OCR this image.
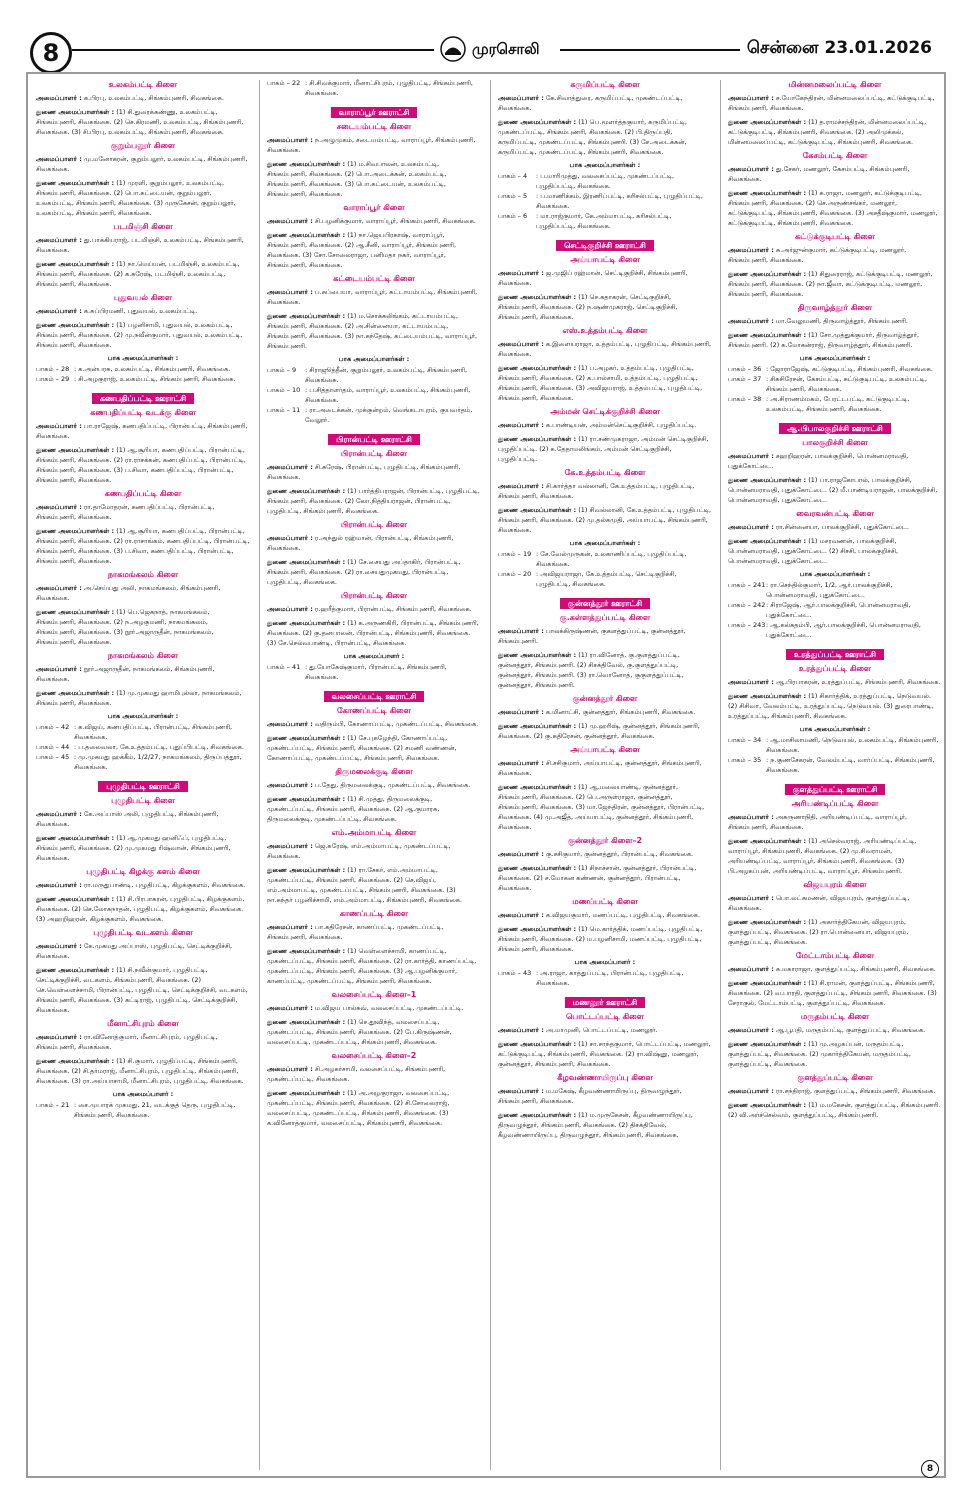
8	முரசொலி	சென்னை 23.01.2026
உலகம்பட்டி கிளை

அமைப்பாளர் : க.பிரபு, உலகம்பட்டி, சிங்கம்புணரி, சிவகங்கை.

துணை அமைப்பாளர்கள் : (1) சி.துரைக்கண்ணு, உலகம்பட்டி, சிங்கம்புணரி, சிவகங்கை. (2) செ.கிரமணி, உலகம்பட்டி, சிங்கம்புணரி, சிவகங்கை. (3) சி.பிரபு, உலகம்பட்டி, சிங்கம்புணரி, சிவகங்கை.

குறும்பலூர் கிளை

அமைப்பாளர் : மு.மனோகரன், குறும்பலூர், உலகம்பட்டி, சிங்கம்புணரி, சிவகங்கை.

துணை அமைப்பாளர்கள் : (1) முரளி, குறும்பலூர், உலகம்பட்டி, சிங்கம்புணரி, சிவகங்கை. (2) பொ.கட்டையன், குறும்பலூர், உலகம்பட்டி, சிங்கம்புணரி, சிவகங்கை. (3) முருகேசன், குறும்பலூர், உலகம்பட்டி, சிங்கம்புணரி, சிவகங்கை.

படமிஞ்சி கிளை

அமைப்பாளர் : து.பாக்கியராஜ், படமிஞ்சி, உலகம்பட்டி, சிங்கம்புணரி, சிவகங்கை.

துணை அமைப்பாளர்கள் : (1) நா.மெய்யன், படமிஞ்சி, உலகம்பட்டி, சிங்கம்புணரி, சிவகங்கை. (2) க.சுரேஷ், படமிஞ்சி, உலகம்பட்டி, சிங்கம்புணரி, சிவகங்கை.

புதுவயல் கிளை

அமைப்பாளர் : க.சுப்பிரமணி, புதுவயல், உலகம்பட்டி.

துணை அமைப்பாளர்கள் : (1) பழனிசாமி, புதுவயல், உலகம்பட்டி, சிங்கம்புணரி, சிவகங்கை. (2) மு.நவீன்குமார், புதுவயல், உலகம்பட்டி, சிங்கம்புணரி, சிவகங்கை.

பாக அமைப்பாளர்கள் :
பாகம் – 28 : க.அன்பரசு, உலகம்பட்டி, சிங்கம்புணரி, சிவகங்கை.
பாகம் – 29 : சி.அழகுராஜ், உலகம்பட்டி, சிங்கம்புணரி, சிவகங்கை.
கணபதிப்பட்டி ஊராட்சி
கணபதிப்பட்டி வடக்கு கிளை

அமைப்பாளர் : பா.ராஜேஷ், கணபதிப்பட்டி, பிரான்பட்டி, சிங்கம்புணரி, சிவகங்கை.

துணை அமைப்பாளர்கள் : (1) ஆ.சூரியா, கணபதிப்பட்டி, பிரான்பட்டி, சிங்கம்புணரி, சிவகங்கை. (2) ரா.ராசக்கன், கணபதிப்பட்டி, பிரான்பட்டி, சிங்கம்புணரி, சிவகங்கை. (3) ப.சிவா, கணபதிப்பட்டி, பிரான்பட்டி, சிங்கம்புணரி, சிவகங்கை.

கணபதிப்பட்டி கிளை

அமைப்பாளர் : ரா.தாமோதரன், கணபதிப்பட்டி, பிரான்பட்டி, சிங்கம்புணரி, சிவகங்கை.

துணை அமைப்பாளர்கள் : (1) ஆ.சூரியா, கணபதிப்பட்டி, பிரான்பட்டி, சிங்கம்புணரி, சிவகங்கை. (2) ரா.ராசாங்கம், கணபதிப்பட்டி, பிரான்பட்டி, சிங்கம்புணரி, சிவகங்கை. (3) ப.சிவா, கணபதிப்பட்டி, பிரான்பட்டி, சிங்கம்புணரி, சிவகங்கை.

நாகமங்கலம் கிளை

அமைப்பாளர் : அ.செய்யது அலி, நாகமங்கலம், சிங்கம்புணரி, சிவகங்கை.

துணை அமைப்பாளர்கள் : (1) பெ.ஜெகநாத், நாகமங்கலம், சிங்கம்புணரி, சிவகங்கை. (2) ந.அழகுமணி, நாகமங்கலம், சிங்கம்புணரி, சிவகங்கை. (3) நூர்.அஜாருதீன், நாகமங்கலம், சிங்கம்புணரி, சிவகங்கை.

நாகமங்கலம் கிளை

அமைப்பாளர் : நூர்.அஜாருதீன், நாகமங்கலம், சிங்கம்புணரி, சிவகங்கை.

துணை அமைப்பாளர்கள் : (1) மு.முகமது ஹாமிபுல்லா, நாகமங்கலம், சிங்கம்புணரி, சிவகங்கை.

பாக அமைப்பாளர்கள் :
பாகம் – 42 : க.விஜய், கணபதிப்பட்டி, பிரான்பட்டி, சிங்கம்புணரி, சிவகங்கை.
பாகம் – 44 : ப.தலைவலா, கே.உத்தம்பட்டி, புதுப்பிபட்டி, சிவகங்கை.
பாகம் – 45 : மு.முகமது ஹக்கீம், 1/2/27, நாகமங்கலம், திருப்பத்தூர், சிவகங்கை.
புழுதிபட்டி ஊராட்சி
புழுதிபட்டி கிளை

அமைப்பாளர் : கே.அப்பாஸ் அலி, புழுதிபட்டி, சிங்கம்புணரி, சிவகங்கை.

துணை அமைப்பாளர்கள் : (1) ஆ.முகமது ஹனிஃப், புழுதிபட்டி, சிங்கம்புணரி, சிவகங்கை. (2) மு.முகமது ரிஷ்வான், சிங்கம்புணரி, சிவகங்கை.

புழுதிபட்டி கிழக்கு களம் கிளை

அமைப்பாளர் : ரா.மருதுபாண்டி, புழுதிபட்டி, கிழக்குகளம், சிவகங்கை.

துணை அமைப்பாளர்கள் : (1) சி.பிரபாகரன், புழுதிபட்டி, கிழக்குகளம், சிவகங்கை. (2) செ.லோகநாதன், புழுதிபட்டி, கிழக்குகளம், சிவகங்கை. (3) அஹறிஹரன், கிழக்குகளம், சிவகங்கை.

புழுதிபட்டி வடகளம் கிளை

அமைப்பாளர் : கே.முகமது அப்பாஸ், புழுதிபட்டி, செட்டிக்குறிச்சி, சிவகங்கை.

துணை அமைப்பாளர்கள் : (1) சி.நவீன்குமார், புழுதிபட்டி, செட்டிக்குறிச்சி, வடகளம், சிங்கம்புணரி, சிவகங்கை. (2) செ.வெள்ளைச்சாமி, பிரான்பட்டி, புழுதிபட்டி, செட்டிக்குறிச்சி, வடகளம், சிங்கம்புணரி, சிவகங்கை. (3) கட்டிராஜ், புழுதிபட்டி, செட்டிக்குறிச்சி, சிவகங்கை.

மீனாட்சிபுரம் கிளை

அமைப்பாளர் : ரா.வினோத்குமார், மீனாட்சிபுரம், புழுதிபட்டி, சிங்கம்புணரி, சிவகங்கை.

துணை அமைப்பாளர்கள் : (1) சி.குமார், புழுதிப்பட்டி, சிங்கம்புணரி, சிவகங்கை. (2) சி.தர்மராஜ், மீனாட்சிபுரம், புழுதிபட்டி, சிங்கம்புணரி, சிவகங்கை. (3) ரா.அய்யாசாமி, மீனாட்சிபுரம், புழுதிபட்டி, சிவகங்கை.

பாக அமைப்பாளர் :
பாகம் – 21 : சை.முபாரக் முகமது, 21, வடக்குத் தெரு, புழுதிபட்டி, சிங்கம்புணரி, சிவகங்கை.
பாகம் – 22 : சி.சிவக்குமார், மீனாட்சிபுரம், புழுதிபட்டி, சிங்கம்புணரி, சிவகங்கை.
வாராப்பூர் ஊராட்சி
சடையம்பட்டி கிளை

அமைப்பாளர் : ந.அழுமுகம், சடையம்பட்டி, வாராப்பூர், சிங்கம்புணரி, சிவகங்கை.

துணை அமைப்பாளர்கள் : (1) ம.சிவபாலன், உலகம்பட்டி, சிங்கம்புணரி, சிவகங்கை. (2) பொ.அடைக்கன், உலகம்பட்டி, சிங்கம்புணரி, சிவகங்கை. (3) பொ.கட்டையன், உலகம்பட்டி, சிங்கம்புணரி, சிவகங்கை.

வாராப்பூர் கிளை

அமைப்பாளர் : சி.பழனிக்குமார், வாராப்பூர், சிங்கம்புணரி, சிவகங்கை.

துணை அமைப்பாளர்கள் : (1) நா.ஜெயபிரகாஷ், வாராப்பூர், சிங்கம்புணரி, சிவகங்கை. (2) ஆ.சீனி, வாராப்பூர், சிங்கம்புணரி, சிவகங்கை. (3) சோ.சோலைராஜா, பனிமதா நகர், வாராப்பூர், சிங்கம்புணரி, சிவகங்கை.

கட்டையம்பட்டி கிளை

அமைப்பாளர் : ப.சுப்பையா, வாராப்பூர், கட்டாயம்பட்டி, சிங்கம்புணரி, சிவகங்கை.

துணை அமைப்பாளர்கள் : (1) ம.சொக்கலிங்கம், கட்டாயம்பட்டி, சிங்கம்புணரி, சிவகங்கை. (2) அ.சின்னையா, கட்டாயம்பட்டி, சிங்கம்புணரி, சிவகங்கை. (3) நா.கந்தேஷ், கட்டையம்பட்டி, வாராப்பூர், சிங்கம்புணரி.

பாக அமைப்பாளர்கள் :
பாகம் – 9	: சிராஜூத்தீன், குறும்பலூர், உலகம்பட்டி, சிங்கம்புணரி, சிவகங்கை.
பாகம் – 10 : ப.சித்தாளர்தம், வாராப்பூர், உலகம்பட்டி, சிங்கம்புணரி, சிவகங்கை.
பாகம் – 11 : ரா.அடைக்கன், முக்குன்றம், வெங்கடாபுரம், குயவர்தம், வேலூர்.
பிரான்பட்டி ஊராட்சி
பிரான்பட்டி கிளை

அமைப்பாளர் : சி.சுரேஷ், பிரான்பட்டி, புழுதிபட்டி, சிங்கம்புணரி, சிவகங்கை.

துணை அமைப்பாளர்கள் : (1) பார்த்திபராஜன், பிரான்பட்டி, புழுதிபட்டி, சிங்கம்புணரி, சிவகங்கை. (2) லோ.நித்தியராஜன், பிரான்பட்டி, புழுதிபட்டி, சிங்கம்புணரி, சிவகங்கை.

பிரான்பட்டி கிளை

அமைப்பாளர் : ர.அந்துல் ரஹ்மான், பிரான்பட்டி, சிங்கம்புணரி, சிவகங்கை.

துணை அமைப்பாளர்கள் : (1) சே.சையது அப்தாகிர், பிரான்பட்டி, சிங்கம்புணரி, சிவகங்கை. (2) ரா.சையதுமுகமது, பிரான்பட்டி, புழுதிபட்டி, சிவகங்கை.

பிரான்பட்டி கிளை

அமைப்பாளர் : ர.ஹரீத்குமார், பிரான்பட்டி, சிங்கம்புணரி, சிவகங்கை.

துணை அமைப்பாளர்கள் : (1) க.அருணகிரி, பிரான்பட்டி, சிங்கம்புணரி, சிவகங்கை. (2) கு.தனபாலன், பிரான்பட்டி, சிங்கம்புணரி, சிவகங்கை. (3) சே.செல்வபாண்டி, பிரான்பட்டி, சிவகங்கை.

பாக அமைப்பாளர் :
பாகம் – 41 : து.யோகேஷ்குமார், பிரான்பட்டி, சிங்கம்புணரி, சிவகங்கை.
வலசைப்பட்டி ஊராட்சி
கோணப்பட்டி கிளை

அமைப்பாளர் : வதிரும்பி, கோணாப்பட்டி, முகண்டப்பட்டி, சிவகங்கை.

துணை அமைப்பாளர்கள் : (1) சே.புகழேந்தி, கோணாப்பட்டி, முகண்டப்பட்டி, சிங்கம்புணரி, சிவகங்கை. (2) சமணி வண்ணன், கோணாப்பட்டி, முகண்டப்பட்டி, சிங்கம்புணரி, சிவகங்கை.

திருமலைக்குடி கிளை

அமைப்பாளர் : ப.தேது, திருமலைக்குடி, முகண்டப்பட்டி, சிவகங்கை.

துணை அமைப்பாளர்கள் : (1) சி.முத்து, திருமலைக்குடி, முகண்டப்பட்டி, சிங்கம்புணரி, சிவகங்கை. (2) ஆ.குமாரசு, திருமலைக்குடி, முகண்டப்பட்டி, சிவகங்கை.

எம்.அம்மாபட்டி கிளை

அமைப்பாளர் : ஜெ.சுரேஷ், எம்.அம்மாபட்டி, முகண்டப்பட்டி, சிவகங்கை.

துணை அமைப்பாளர்கள் : (1) ரா.சேகர், எம்.அம்மாபட்டி, முகண்டப்பட்டி, சிங்கம்புணரி, சிவகங்கை. (2) செ.விஜய், எம்.அம்மாபட்டி, முகண்டப்பட்டி, சிங்கம்புணரி, சிவகங்கை. (3) நா.கந்தர் பழனிச்சாமி, எம்.அம்மாபட்டி, சிங்கம்புணரி, சிவகங்கை.

காணப்பட்டி கிளை

அமைப்பாளர் : பா.கதிரேசன், காணப்பட்டி, முகண்டப்பட்டி, சிங்கம்புணரி, சிவகங்கை.

துணை அமைப்பாளர்கள் : (1) வெள்ளைச்சாமி, காணப்பட்டி, முகண்டப்பட்டி, சிங்கம்புணரி, சிவகங்கை. (2) ரா.கார்த்தி, காணப்பட்டி, முகண்டப்பட்டி, சிங்கம்புணரி, சிவகங்கை. (3) ஆ.பழனிக்குமார், காணப்பட்டி, முகண்டப்பட்டி, சிங்கம்புணரி, சிவகங்கை.

வலசைப்பட்டி கிளை–1

அமைப்பாளர் : ம.விஜய பால்சுவ், வலசைப்பட்டி, முகண்டப்பட்டி.

துணை அமைப்பாளர்கள் : (1) செ.தூவிந்த், வலசைப்பட்டி, முகண்டப்பட்டி, சிங்கம்புணரி, சிவகங்கை. (2) பே.கிருஷ்ணன், வலசைப்பட்டி, முகண்டப்பட்டி, சிங்கம்புணரி, சிவகங்கை.

வலசைப்பட்டி கிளை–2

அமைப்பாளர் : சி.அழகர்சாமி, வலசைப்பட்டி, சிங்கம்புணரி, முகண்டப்பட்டி, சிவகங்கை.

துணை அமைப்பாளர்கள் : (1) அ.அழகுராஜா, வலசைப்பட்டி, முகண்டப்பட்டி, சிங்கம்புணரி, சிவகங்கை. (2) சி.சோலைராஜ், வலசைப்பட்டி, முகண்டப்பட்டி, சிங்கம்புணரி, சிவகங்கை. (3) க.வினோத்குமார், வலசைப்பட்டி, சிங்கம்புணரி, சிவகங்கை.

கருமிப்பட்டி கிளை

அமைப்பாளர் : கே.சிவாத்துரை, கருமிப்பட்டி, முகண்டப்பட்டி, சிவகங்கை.

துணை அமைப்பாளர்கள் : (1) பெ.மூளர்த்தகுமார், கருமிப்பட்டி, முகண்டப்பட்டி, சிங்கம்புணரி, சிவகங்கை. (2) பி.திருப்பதி, கருமிப்பட்டி, முகண்டப்பட்டி, சிங்கம்புணரி. (3) சே.அடைக்கன், கருமிப்பட்டி, முகண்டப்பட்டி, சிங்கம்புணரி, சிவகங்கை.

பாக அமைப்பாளர்கள் :
பாகம் – 4	: ப.மாரிமுத்து, வலசைப்பட்டி, முகண்டப்பட்டி, புழுதிப்பட்டி, சிவகங்கை.
பாகம் – 5	: ப.மாணிக்கம், இரணிப்பட்டி, கரிசல்பட்டி, புழுதிப்பட்டி, சிவகங்கை.
பாகம் – 6	: மா.ராஜ்குமார், கே.அம்மாபட்டி, கரிசல்பட்டி, புழுதிப்பட்டி, சிவகங்கை.
செட்டிகுறிச்சி ஊராட்சி
அய்யாபட்டி கிளை

அமைப்பாளர் : ஜ.முஜிப் ரஹ்மான், செட்டிகுறிச்சி, சிங்கம்புணரி, சிவகங்கை.

துணை அமைப்பாளர்கள் : (1) செ.கதாகரன், செட்டிகுறிச்சி, சிங்கம்புணரி, சிவகங்கை. (2) ந.ஷண்முகராஜ், செட்டிகுறிச்சி, சிங்கம்புணரி, சிவகங்கை.

எஸ்.உத்தம்பட்டி கிளை

அமைப்பாளர் : க.இளையராஜா, உத்தம்பட்டி, புழுதிபட்டி, சிங்கம்புணரி, சிவகங்கை.

துணை அமைப்பாளர்கள் : (1) ப.அழகர், உத்தம்பட்டி, புழுதிபட்டி, சிங்கம்புணரி, சிவகங்கை. (2) க.பால்சாமி, உத்தம்பட்டி, புழுதிபட்டி, சிங்கம்புணரி, சிவகங்கை. (3) அவிஜயராஜ், உத்தம்பட்டி, புழுதிபட்டி, சிங்கம்புணரி, சிவகங்கை.

அம்மன் செட்டிக்குறிச்சி கிளை

அமைப்பாளர் : க.பாண்டியன், அம்மன்செட்டிகுறிச்சி, புழுதிப்பட்டி.

துணை அமைப்பாளர்கள் : (1) ரா.சண்முகராஜா, அம்மன் செட்டிகுறிச்சி, புழுதிப்பட்டி. (2) க.தேதாமலிங்கம், அம்மன் செட்டிகுறிச்சி, புழுதிப்பட்டி.

கே.உத்தம்பட்டி கிளை

அமைப்பாளர் : சி.கார்த்தா வல்லானி, கே.உத்தம்பட்டி, புழுதிபட்டி, சிங்கம்புணரி, சிவகங்கை.

துணை அமைப்பாளர்கள் : (1) சிவல்லானி, கே.உத்தம்பட்டி, புழுதிபட்டி, சிங்கம்புணரி, சிவகங்கை. (2) மு.தல்கமுதி, அய்யாபட்டி, சிங்கம்புணரி, சிவகங்கை.

பாக அமைப்பாளர்கள் :
பாகம் – 19 : சே.வேல்முருகன், உலகாணிப்பட்டி, புழுதிப்பட்டி, சிவகங்கை.
பாகம் – 20 : அவிஜயராஜா, கே.உத்தம்பட்டி, செட்டிகுறிச்சி, புழுதிபட்டி, சிவகங்கை.
குன்னத்தூர் ஊராட்சி
கு.கள்ளத்துப்பட்டி கிளை

அமைப்பாளர் : பாலக்கிருஷ்ணன், குகளத்துப்பட்டி, குன்னத்தூர், சிங்கம்புணரி.

துணை அமைப்பாளர்கள் : (1) ரா.வினோத், கு.குளத்துப்பட்டி, குன்னத்தூர், சிங்கம்புணரி. (2) சிசக்திவேல், கு.குளத்துப்பட்டி, குன்னத்தூர், சிங்கம்புணரி. (3) ரா.வொனோத், குகுளத்துப்பட்டி, குன்னத்தூர், சிங்கம்புணரி.

குன்னத்தூர் கிளை

அமைப்பாளர் : க.மினாட்சி, குன்னத்தூர், சிங்கம்புணரி, சிவகங்கை.

துணை அமைப்பாளர்கள் : (1) மு.ஹரிஷ், குன்னத்தூர், சிங்கம்புணரி, சிவகங்கை. (2) கு.கதிரேசன், குன்னத்தூர், சிவகங்கை.

அய்யாபட்டி கிளை

அமைப்பாளர் : சி.சசிகுமார், அய்யாபட்டி, குன்னத்தூர், சிங்கம்புணரி, சிவகங்கை.

துணை அமைப்பாளர்கள் : (1) ஆ.மலையாண்டி, குன்னத்தூர், சிங்கம்புணரி, சிவகங்கை. (2) பெ.அருள்ராஜா, குன்னத்தூர், சிங்கம்புணரி, சிவகங்கை. (3) மா.ஜேந்திரன், குன்னத்தூர், பிரான்பட்டி, சிவகங்கை. (4) மு.அஜீத், அய்யாபட்டி, குன்னத்தூர், சிங்கம்புணரி, சிவகங்கை.

குன்னத்தூர் கிளை–2

அமைப்பாளர் : கு.சசிகுமார், குன்னத்தூர், பிரான்பட்டி, சிவகங்கை.

துணை அமைப்பாளர்கள் : (1) சிநாச்சான், குன்னத்தூர், பிரான்பட்டி, சிவகங்கை. (2) ச.மோகன கண்ணன், குன்னத்தூர், பிரான்பட்டி, சிவகங்கை.

மணப்பட்டி கிளை

அமைப்பாளர் : க.விஜயகுமார், மணப்பட்டி, புழுதிபட்டி, சிவகங்கை.

துணை அமைப்பாளர்கள் : (1) மெ.கார்த்திக், மணப்பட்டி, புழுதிபட்டி, சிங்கம்புணரி, சிவகங்கை. (2) ம.பழனிசாமி, மணப்பட்டி, புழுதிபட்டி, சிங்கம்புணரி, சிவகங்கை.

பாக அமைப்பாளர் :
பாகம் – 43 : அ.ராஜா, காத்துப்பட்டி, பிரான்பட்டி, புழுதிபட்டி, சிவகங்கை.
மணலூர் ஊராட்சி
பொட்டப்பட்டி கிளை

அமைப்பாளர் : அ.மாமுனி, பொட்டப்பட்டி, மணலூர்.

துணை அமைப்பாளர்கள் : (1) சா.சாந்தகுமார், பொட்டப்பட்டி, மணலூர், கட்டுக்குடிபட்டி, சிங்கம்புணரி, சிவகங்கை. (2) ரா.விஷ்னு, மணலூர், குன்னத்தூர், சிங்கம்புணரி, சிவகங்கை.

கீழவண்ணாயிருப்பு கிளை

அமைப்பாளர் : ம.மகேஷ், கீழவண்ணாயிருப்பு, திருவழுந்தூர், சிங்கம்புணரி, சிவகங்கை.

துணை அமைப்பாளர்கள் : (1) ம.முருகேசன், கீழவண்ணாயிருப்பு, திருவழுந்தூர், சிங்கம்புணரி, சிவகங்கை. (2) திசக்திவேல், கீழவண்ணாயிருப்பு, திருவழுந்தூர், சிங்கம்புணரி, சிவகங்கை.

மின்னமலைப்பட்டி கிளை

அமைப்பாளர் : ச.யோகேந்திரன், மின்னமலைப்பட்டி, கட்டுக்குடிபட்டி, சிங்கம்புணரி, சிவகங்கை.

துணை அமைப்பாளர்கள் : (1) த.ராமச்சந்திரன், மின்னமலைப்பட்டி, கட்டுக்குடிபட்டி, சிங்கம்புணரி, சிவகங்கை. (2) அலிமுக்கல், மின்னமலைப்பட்டி, கட்டுக்குடிபட்டி, சிங்கம்புணரி, சிவகங்கை.

கேசம்பட்டி கிளை

அமைப்பாளர் : து.சேகர், மணலூர், கேசம்பட்டி, சிங்கம்புணரி, சிவகங்கை.

துணை அமைப்பாளர்கள் : (1) சு.ராஜா, மணலூர், கட்டுக்குடிபட்டி, சிங்கம்புணரி, சிவகங்கை. (2) செ.அருண்சங்கர், மணலூர், கட்டுக்குடிபட்டி, சிங்கம்புணரி, சிவகங்கை. (3) அசதீஷ்குமார், மணலூர், கட்டுக்குடிபட்டி, சிங்கம்புணரி, சிவகங்கை.

கட்டுக்குடிபட்டி கிளை

அமைப்பாளர் : சு.அர்ஜுன்குமார், கட்டுக்குடிபட்டி, மணலூர், சிங்கம்புணரி, சிவகங்கை.

துணை அமைப்பாளர்கள் : (1) சிதுரைராஜ், கட்டுக்குடிபட்டி, மணலூர், சிங்கம்புணரி, சிவகங்கை. (2) நா.ஜீவா, கட்டுக்குடிபட்டி, மணலூர், சிங்கம்புணரி, சிவகங்கை.

திருவாழ்த்தூர் கிளை

அமைப்பாளர் : மா.வேலுமணி, திருவாழ்த்தூர், சிங்கம்புணரி.

துணை அமைப்பாளர்கள் : (1) சோ.முத்துக்குமார், திருவாழ்த்தூர், சிங்கம்புணரி. (2) க.மோகன்ராஜ், திருவாழ்த்தூர், சிங்கம்புணரி.

பாக அமைப்பாளர்கள் :
பாகம் – 36 : ஜோராஜேஷ், கட்டுகுடிபட்டி, சிங்கம்புணரி, சிவகங்கை.
பாகம் – 37 : சிசுசிரேசன், கேசம்பட்டி, கட்டுகுடிபட்டி, உலகம்பட்டி, சிங்கம்புணரி, சிவகங்கை.
பாகம் – 38 : அ.சிராணம்மகம், பேரட்டபட்டி, கட்டுகுடிபட்டி, உலகம்பட்டி, சிங்கம்புணரி, சிவகங்கை.
ஆ.பிபாலகுறிச்சி ஊராட்சி
பாலகுறிச்சி கிளை

அமைப்பாளர் : சஹறிஹரன், பாலக்குறிச்சி, பொன்னமராவதி, புதுக்கோட்டை.

துணை அமைப்பாளர்கள் : (1) பா.ராஜகோபால், பாலக்குறிச்சி, பொன்னமராவதி, புதுக்கோட்டை. (2) மீ.பாண்டியராஜன், பாலக்குறிச்சி, பொன்னமராவதி, புதுக்கோட்டை.

வைரவன்பட்டி கிளை

அமைப்பாளர் : ரா.சின்னையா, பாலக்குறிச்சி, புதுக்கோட்டை.

துணை அமைப்பாளர்கள் : (1) மசரவணன், பாலக்குறிச்சி, பொன்னமராவதி, புதுக்கோட்டை. (2) சிசசி, பாலக்குறிச்சி, பொன்னமராவதி, புதுக்கோட்டை.

பாக அமைப்பாளர்கள் :
பாகம் – 241 : ரா.செந்தில்குமார், 1/2, ஆர்.பாலக்குறிச்சி, பொன்னமராவதி, புதுக்கோட்டை.
பாகம் – 242 : சிராஜேஷ், ஆர்.பாலக்குறிச்சி, பொன்னமராவதி, புதுக்கோட்டை.
பாகம் – 243 : ஆ.கல்கதம்பி, ஆர்.பாலக்குறிச்சி, பொன்னமராவதி, புதுக்கோட்டை.
உரத்துப்பட்டி ஊராட்சி
உரத்துப்பட்டி கிளை

அமைப்பாளர் : ஆ.பிரபாகரன், உரத்துப்பட்டி, சிங்கம்புணரி, சிவகங்கை.

துணை அமைப்பாளர்கள் : (1) சிகார்த்திக், உரத்துப்பட்டி, நெடுவயல். (2) சிசிவா, வேலம்பட்டி, உரத்துப்பட்டி, நெடுவயல். (3) துரைபாண்டி, உரத்துப்பட்டி, சிங்கம்புணரி, சிவகங்கை.

பாக அமைப்பாளர்கள் :
பாகம் – 34 : ஆ.மாசிலாமணி, நெடுவயல், உலகம்பட்டி, சிங்கம்புணரி, சிவகங்கை.
பாகம் – 35 : ந.குணசேகரன், வேலம்பட்டி, வார்ப்பட்டி, சிங்கம்புணரி, சிவகங்கை.
குளத்துப்பட்டி ஊராட்சி
அரியண்டிப்பட்டி கிளை

அமைப்பாளர் : அசுருணாநிதி, அரியண்டிப்பட்டி, வாராப்பூர், சிங்கம்புணரி, சிவகங்கை.

துணை அமைப்பாளர்கள் : (1) அசெல்வராஜ், அரியண்டிப்பட்டி, வாராப்பூர், சிங்கம்புணரி, சிவகங்கை. (2) மு.சிவராமன், அரியண்டிப்பட்டி, வாராப்பூர், சிங்கம்புணரி, சிவகங்கை. (3) பி.அழகப்பன், அரியண்டிப்பட்டி, வாராப்பூர், சிங்கம்புணரி.

விஜயபுரம் கிளை

அமைப்பாளர் : பொ.லட்சுமணன், விஜயபுரம், குளத்துப்பட்டி, சிவகங்கை.

துணை அமைப்பாளர்கள் : (1) அகார்த்திகேயன், விஜயபுரம், குளத்துப்பட்டி, சிவகங்கை. (2) ரா.பொன்னையா, விஜயபுரம், குளத்துப்பட்டி, சிவகங்கை.

மேட்டாம்பட்டி கிளை

அமைப்பாளர் : க.மகாராஜா, குளத்துப்பட்டி, சிங்கம்புணரி, சிவகங்கை.

துணை அமைப்பாளர்கள் : (1) சி.ராமன், குளத்துப்பட்டி, சிங்கம்புணரி, சிவகங்கை. (2) வ.பாரதி, குளத்துப்பட்டி, சிங்கம்புணரி, சிவகங்கை. (3) சேராகுல், மேட்டாம்பட்டி, குளத்துப்பட்டி, சிவகங்கை.

மருதம்பட்டி கிளை

அமைப்பாளர் : ஆ.பூபதி, மருதம்பட்டி, குளத்துப்பட்டி, சிவகங்கை.

துணை அமைப்பாளர்கள் : (1) மு.அழகப்பன், மருதம்பட்டி, குளத்துப்பட்டி, சிவகங்கை. (2) முகார்த்திகேயன், மருதம்பட்டி, குளத்துப்பட்டி, சிவகங்கை.

குளத்துப்பட்டி கிளை

அமைப்பாளர் : ரா.சந்திராஜ், குளத்துப்பட்டி, சிங்கம்புணரி, சிவகங்கை.

துணை அமைப்பாளர்கள் : (1) ம.மகேசன், குளத்துப்பட்டி, சிங்கம்புணரி. (2) வி.அர்ச்செல்வம், குளத்துப்பட்டி, சிங்கம்புணரி.

8
